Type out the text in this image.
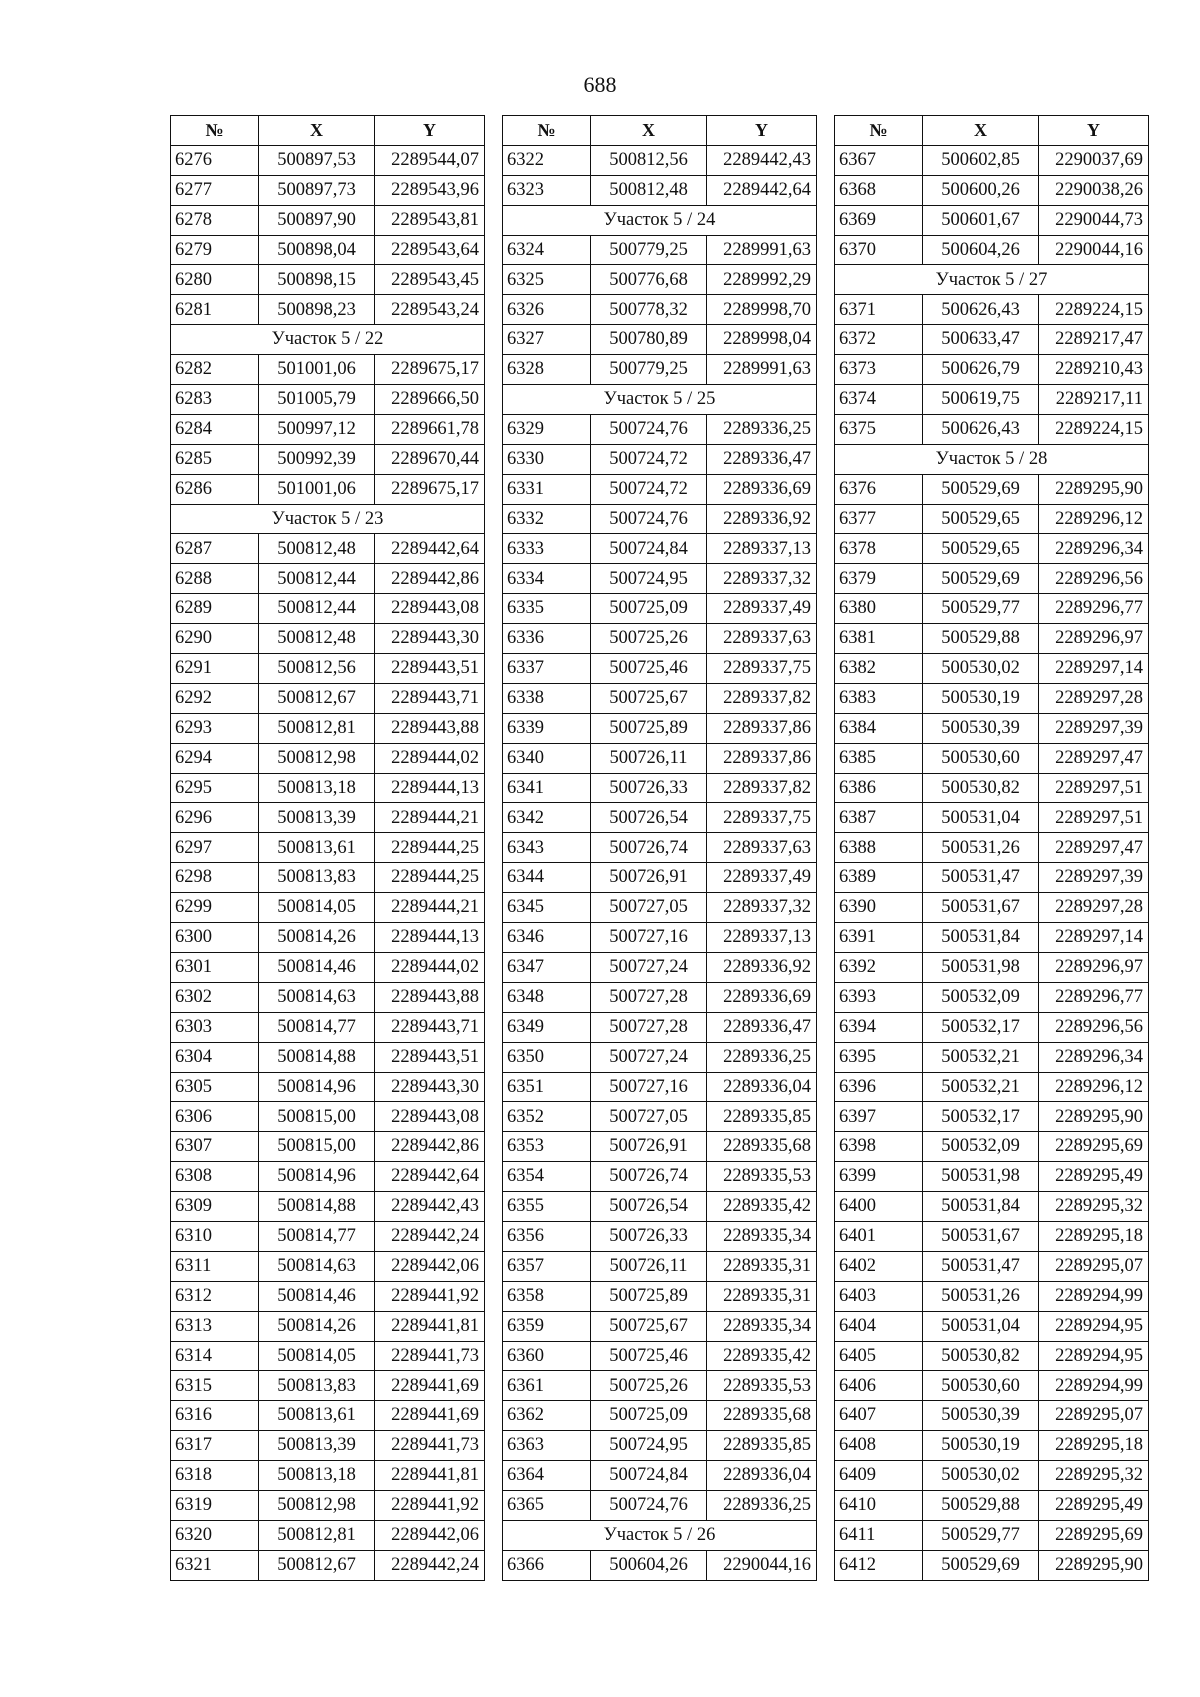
688
№	X	Y
6276	500897,53	2289544,07
6277	500897,73	2289543,96
6278	500897,90	2289543,81
6279	500898,04	2289543,64
6280	500898,15	2289543,45
6281	500898,23	2289543,24
Участок 5 / 22		
6282	501001,06	2289675,17
6283	501005,79	2289666,50
6284	500997,12	2289661,78
6285	500992,39	2289670,44
6286	501001,06	2289675,17
Участок 5 / 23		
6287	500812,48	2289442,64
6288	500812,44	2289442,86
6289	500812,44	2289443,08
6290	500812,48	2289443,30
6291	500812,56	2289443,51
6292	500812,67	2289443,71
6293	500812,81	2289443,88
6294	500812,98	2289444,02
6295	500813,18	2289444,13
6296	500813,39	2289444,21
6297	500813,61	2289444,25
6298	500813,83	2289444,25
6299	500814,05	2289444,21
6300	500814,26	2289444,13
6301	500814,46	2289444,02
6302	500814,63	2289443,88
6303	500814,77	2289443,71
6304	500814,88	2289443,51
6305	500814,96	2289443,30
6306	500815,00	2289443,08
6307	500815,00	2289442,86
6308	500814,96	2289442,64
6309	500814,88	2289442,43
6310	500814,77	2289442,24
6311	500814,63	2289442,06
6312	500814,46	2289441,92
6313	500814,26	2289441,81
6314	500814,05	2289441,73
6315	500813,83	2289441,69
6316	500813,61	2289441,69
6317	500813,39	2289441,73
6318	500813,18	2289441,81
6319	500812,98	2289441,92
6320	500812,81	2289442,06
6321	500812,67	2289442,24
№	X	Y
6322	500812,56	2289442,43
6323	500812,48	2289442,64
Участок 5 / 24		
6324	500779,25	2289991,63
6325	500776,68	2289992,29
6326	500778,32	2289998,70
6327	500780,89	2289998,04
6328	500779,25	2289991,63
Участок 5 / 25		
6329	500724,76	2289336,25
6330	500724,72	2289336,47
6331	500724,72	2289336,69
6332	500724,76	2289336,92
6333	500724,84	2289337,13
6334	500724,95	2289337,32
6335	500725,09	2289337,49
6336	500725,26	2289337,63
6337	500725,46	2289337,75
6338	500725,67	2289337,82
6339	500725,89	2289337,86
6340	500726,11	2289337,86
6341	500726,33	2289337,82
6342	500726,54	2289337,75
6343	500726,74	2289337,63
6344	500726,91	2289337,49
6345	500727,05	2289337,32
6346	500727,16	2289337,13
6347	500727,24	2289336,92
6348	500727,28	2289336,69
6349	500727,28	2289336,47
6350	500727,24	2289336,25
6351	500727,16	2289336,04
6352	500727,05	2289335,85
6353	500726,91	2289335,68
6354	500726,74	2289335,53
6355	500726,54	2289335,42
6356	500726,33	2289335,34
6357	500726,11	2289335,31
6358	500725,89	2289335,31
6359	500725,67	2289335,34
6360	500725,46	2289335,42
6361	500725,26	2289335,53
6362	500725,09	2289335,68
6363	500724,95	2289335,85
6364	500724,84	2289336,04
6365	500724,76	2289336,25
Участок 5 / 26		
6366	500604,26	2290044,16
№	X	Y
6367	500602,85	2290037,69
6368	500600,26	2290038,26
6369	500601,67	2290044,73
6370	500604,26	2290044,16
Участок 5 / 27		
6371	500626,43	2289224,15
6372	500633,47	2289217,47
6373	500626,79	2289210,43
6374	500619,75	2289217,11
6375	500626,43	2289224,15
Участок 5 / 28		
6376	500529,69	2289295,90
6377	500529,65	2289296,12
6378	500529,65	2289296,34
6379	500529,69	2289296,56
6380	500529,77	2289296,77
6381	500529,88	2289296,97
6382	500530,02	2289297,14
6383	500530,19	2289297,28
6384	500530,39	2289297,39
6385	500530,60	2289297,47
6386	500530,82	2289297,51
6387	500531,04	2289297,51
6388	500531,26	2289297,47
6389	500531,47	2289297,39
6390	500531,67	2289297,28
6391	500531,84	2289297,14
6392	500531,98	2289296,97
6393	500532,09	2289296,77
6394	500532,17	2289296,56
6395	500532,21	2289296,34
6396	500532,21	2289296,12
6397	500532,17	2289295,90
6398	500532,09	2289295,69
6399	500531,98	2289295,49
6400	500531,84	2289295,32
6401	500531,67	2289295,18
6402	500531,47	2289295,07
6403	500531,26	2289294,99
6404	500531,04	2289294,95
6405	500530,82	2289294,95
6406	500530,60	2289294,99
6407	500530,39	2289295,07
6408	500530,19	2289295,18
6409	500530,02	2289295,32
6410	500529,88	2289295,49
6411	500529,77	2289295,69
6412	500529,69	2289295,90
